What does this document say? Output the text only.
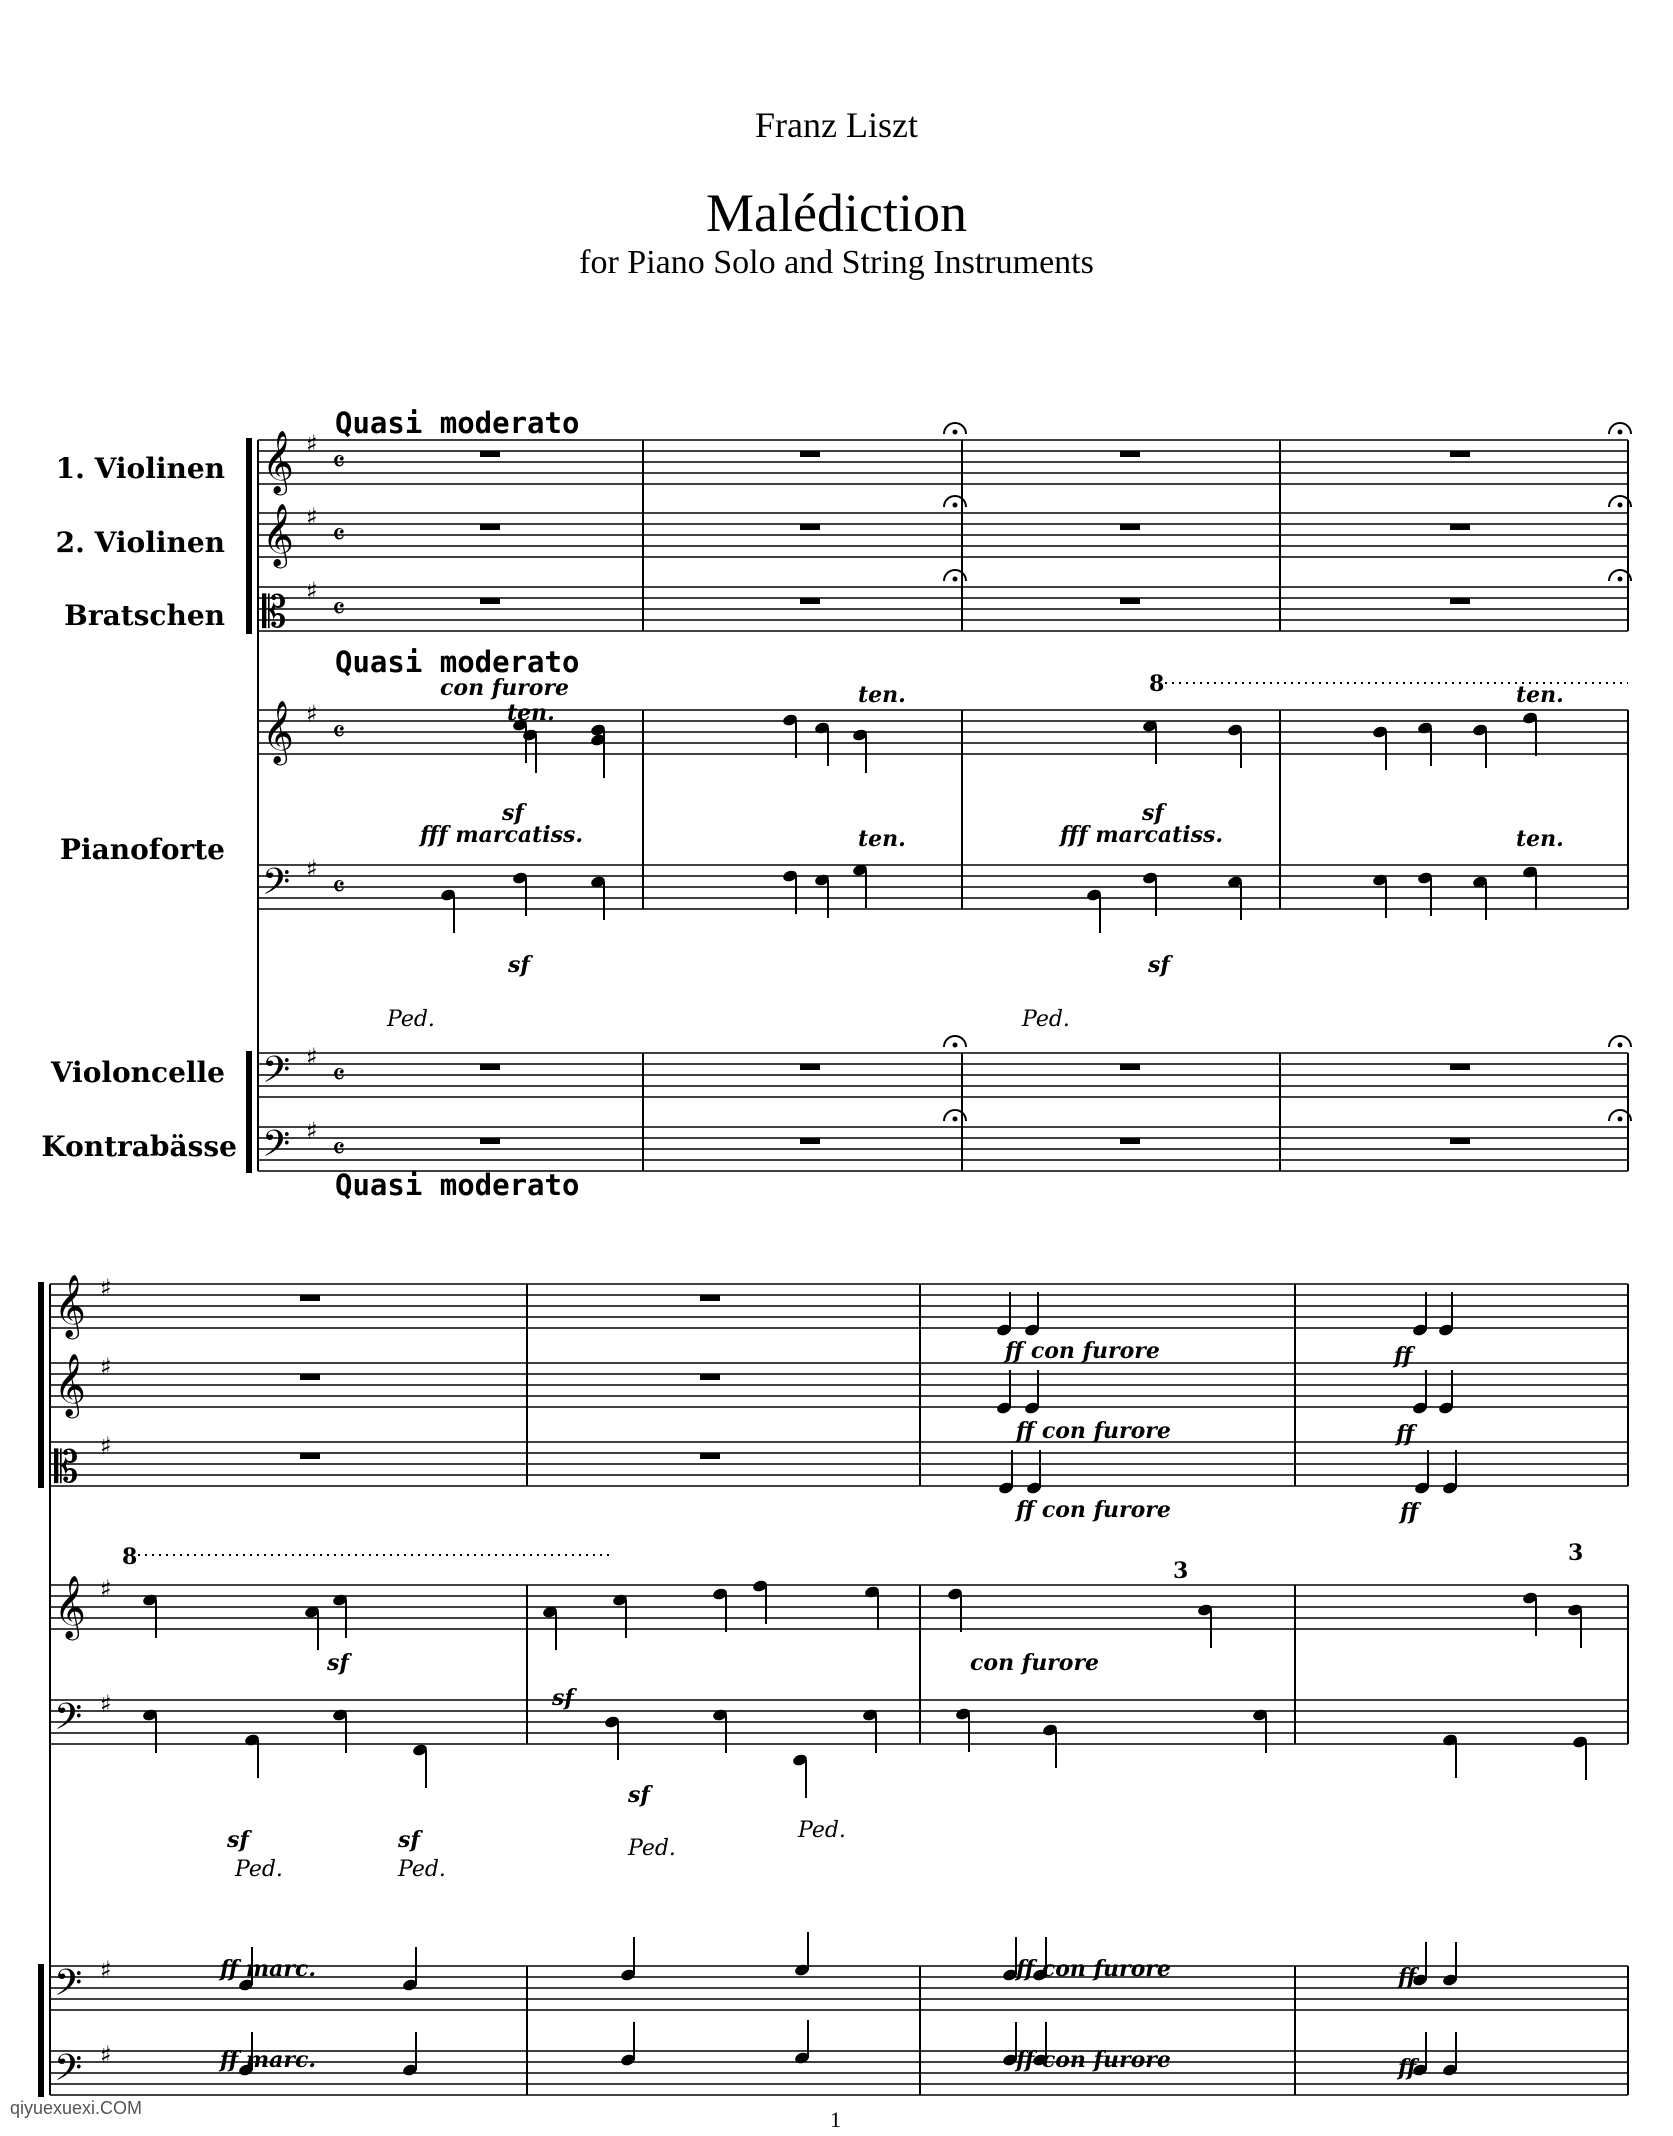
Franz Liszt
Malédiction
for Piano Solo and String Instruments
1. Violinen
2. Violinen
Bratschen
Pianoforte
Violoncelle
Kontrabässe
Quasi moderato
Quasi moderato
Quasi moderato
𝄞
𝄞
𝄞
𝄢
𝄢
𝄢
𝄡
𝄞
𝄞
𝄞
𝄢
𝄢
𝄢
𝄡
𝄴
𝄴
𝄴
𝄴
𝄴
𝄴
𝄴
♯
♯
♯
♯
♯
♯
♯
♯
♯
♯
♯
♯
♯
♯
con furore
ten.
ten.	ten.
sf
fff marcatiss.	ten.
sf
fff marcatiss.	ten.
sf	sf
8
Ped.	Ped.
8
ff con furore
ff con furore
ff con furore
ff
ff
ff
con furore
sf
sf
sf	sf
sf
Ped.	Ped.
Ped.
Ped.
ff marc.
ff marc.
ff con furore
ff con furore
ff
ff
3
3
qiyuexuexi.COM	1
